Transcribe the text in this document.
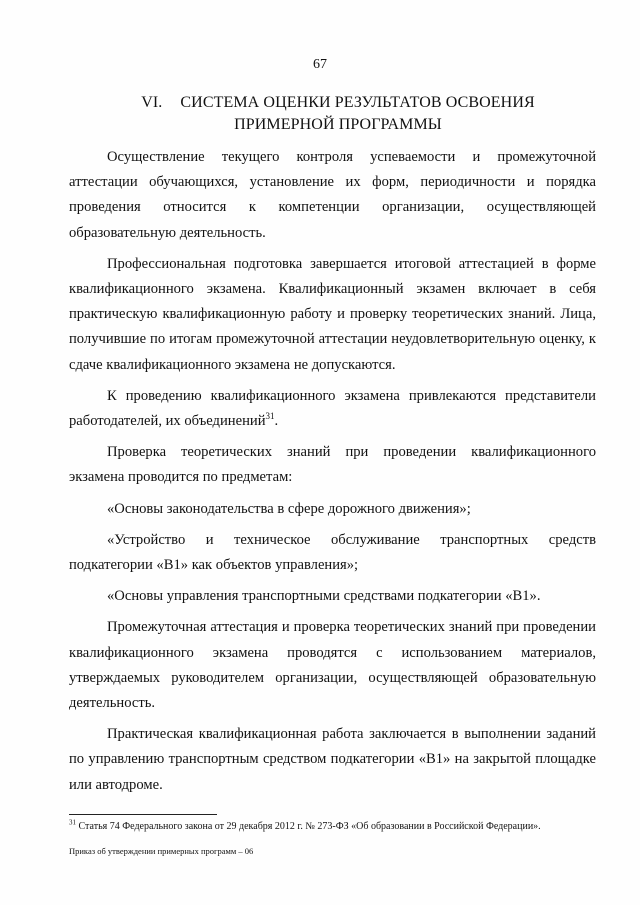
67
VI. СИСТЕМА ОЦЕНКИ РЕЗУЛЬТАТОВ ОСВОЕНИЯ ПРИМЕРНОЙ ПРОГРАММЫ

Осуществление текущего контроля успеваемости и промежуточной аттестации обучающихся, установление их форм, периодичности и порядка проведения относится к компетенции организации, осуществляющей образовательную деятельность.

Профессиональная подготовка завершается итоговой аттестацией в форме квалификационного экзамена. Квалификационный экзамен включает в себя практическую квалификационную работу и проверку теоретических знаний. Лица, получившие по итогам промежуточной аттестации неудовлетворительную оценку, к сдаче квалификационного экзамена не допускаются.

К проведению квалификационного экзамена привлекаются представители работодателей, их объединений$^{31}$.

Проверка теоретических знаний при проведении квалификационного экзамена проводится по предметам:

«Основы законодательства в сфере дорожного движения»;

«Устройство и техническое обслуживание транспортных средств подкатегории «B1» как объектов управления»;

«Основы управления транспортными средствами подкатегории «B1».

Промежуточная аттестация и проверка теоретических знаний при проведении квалификационного экзамена проводятся с использованием материалов, утверждаемых руководителем организации, осуществляющей образовательную деятельность.

Практическая квалификационная работа заключается в выполнении заданий по управлению транспортным средством подкатегории «B1» на закрытой площадке или автодроме.

$^{31}$ Статья 74 Федерального закона от 29 декабря 2012 г. № 273-ФЗ «Об образовании в Российской Федерации».
Приказ об утверждении примерных программ – 06
